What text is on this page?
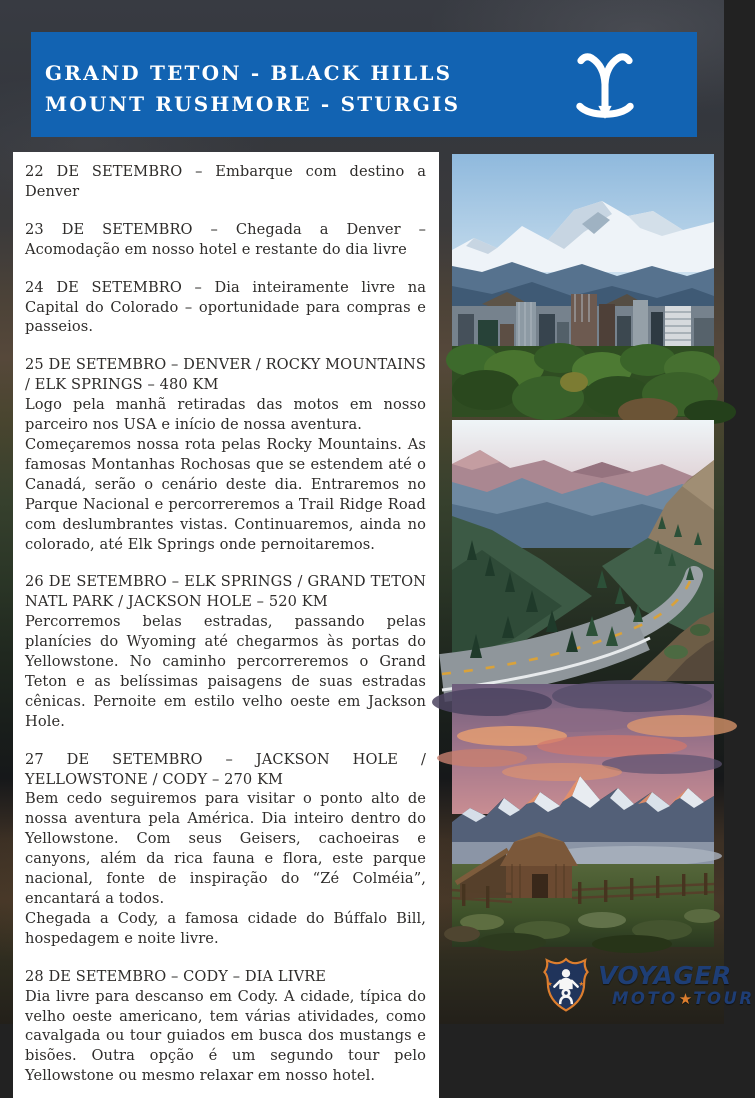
GRAND TETON - BLACK HILLS
MOUNT RUSHMORE - STURGIS

22 DE SETEMBRO – Embarque com destino a Denver

23 DE SETEMBRO – Chegada a Denver – Acomodação em nosso hotel e restante do dia livre

24 DE SETEMBRO – Dia inteiramente livre na Capital do Colorado – oportunidade para compras e passeios.

25 DE SETEMBRO – DENVER / ROCKY MOUNTAINS / ELK SPRINGS – 480 KM

Logo pela manhã retiradas das motos em nosso parceiro nos USA e início de nossa aventura.

Começaremos nossa rota pelas Rocky Mountains. As famosas Montanhas Rochosas que se estendem até o Canadá, serão o cenário deste dia. Entraremos no Parque Nacional e percorreremos a Trail Ridge Road com deslumbrantes vistas. Continuaremos, ainda no colorado, até Elk Springs onde pernoitaremos.

26 DE SETEMBRO – ELK SPRINGS / GRAND TETON NATL PARK / JACKSON HOLE – 520 KM

Percorremos belas estradas, passando pelas planícies do Wyoming até chegarmos às portas do Yellowstone. No caminho percorreremos o Grand Teton e as belíssimas paisagens de suas estradas cênicas. Pernoite em estilo velho oeste em Jackson Hole.

27 DE SETEMBRO – JACKSON HOLE / YELLOWSTONE / CODY – 270 KM

Bem cedo seguiremos para visitar o ponto alto de nossa aventura pela América. Dia inteiro dentro do Yellowstone. Com seus Geisers, cachoeiras e canyons, além da rica fauna e flora, este parque nacional, fonte de inspiração do “Zé Colméia”, encantará a todos.

Chegada a Cody, a famosa cidade do Búffalo Bill, hospedagem e noite livre.

28 DE SETEMBRO – CODY – DIA LIVRE

Dia livre para descanso em Cody. A cidade, típica do velho oeste americano, tem várias atividades, como cavalgada ou tour guiados em busca dos mustangs e bisões. Outra opção é um segundo tour pelo Yellowstone ou mesmo relaxar em nosso hotel.

★	★ VOYAGER
MOTO ★ TOUR
